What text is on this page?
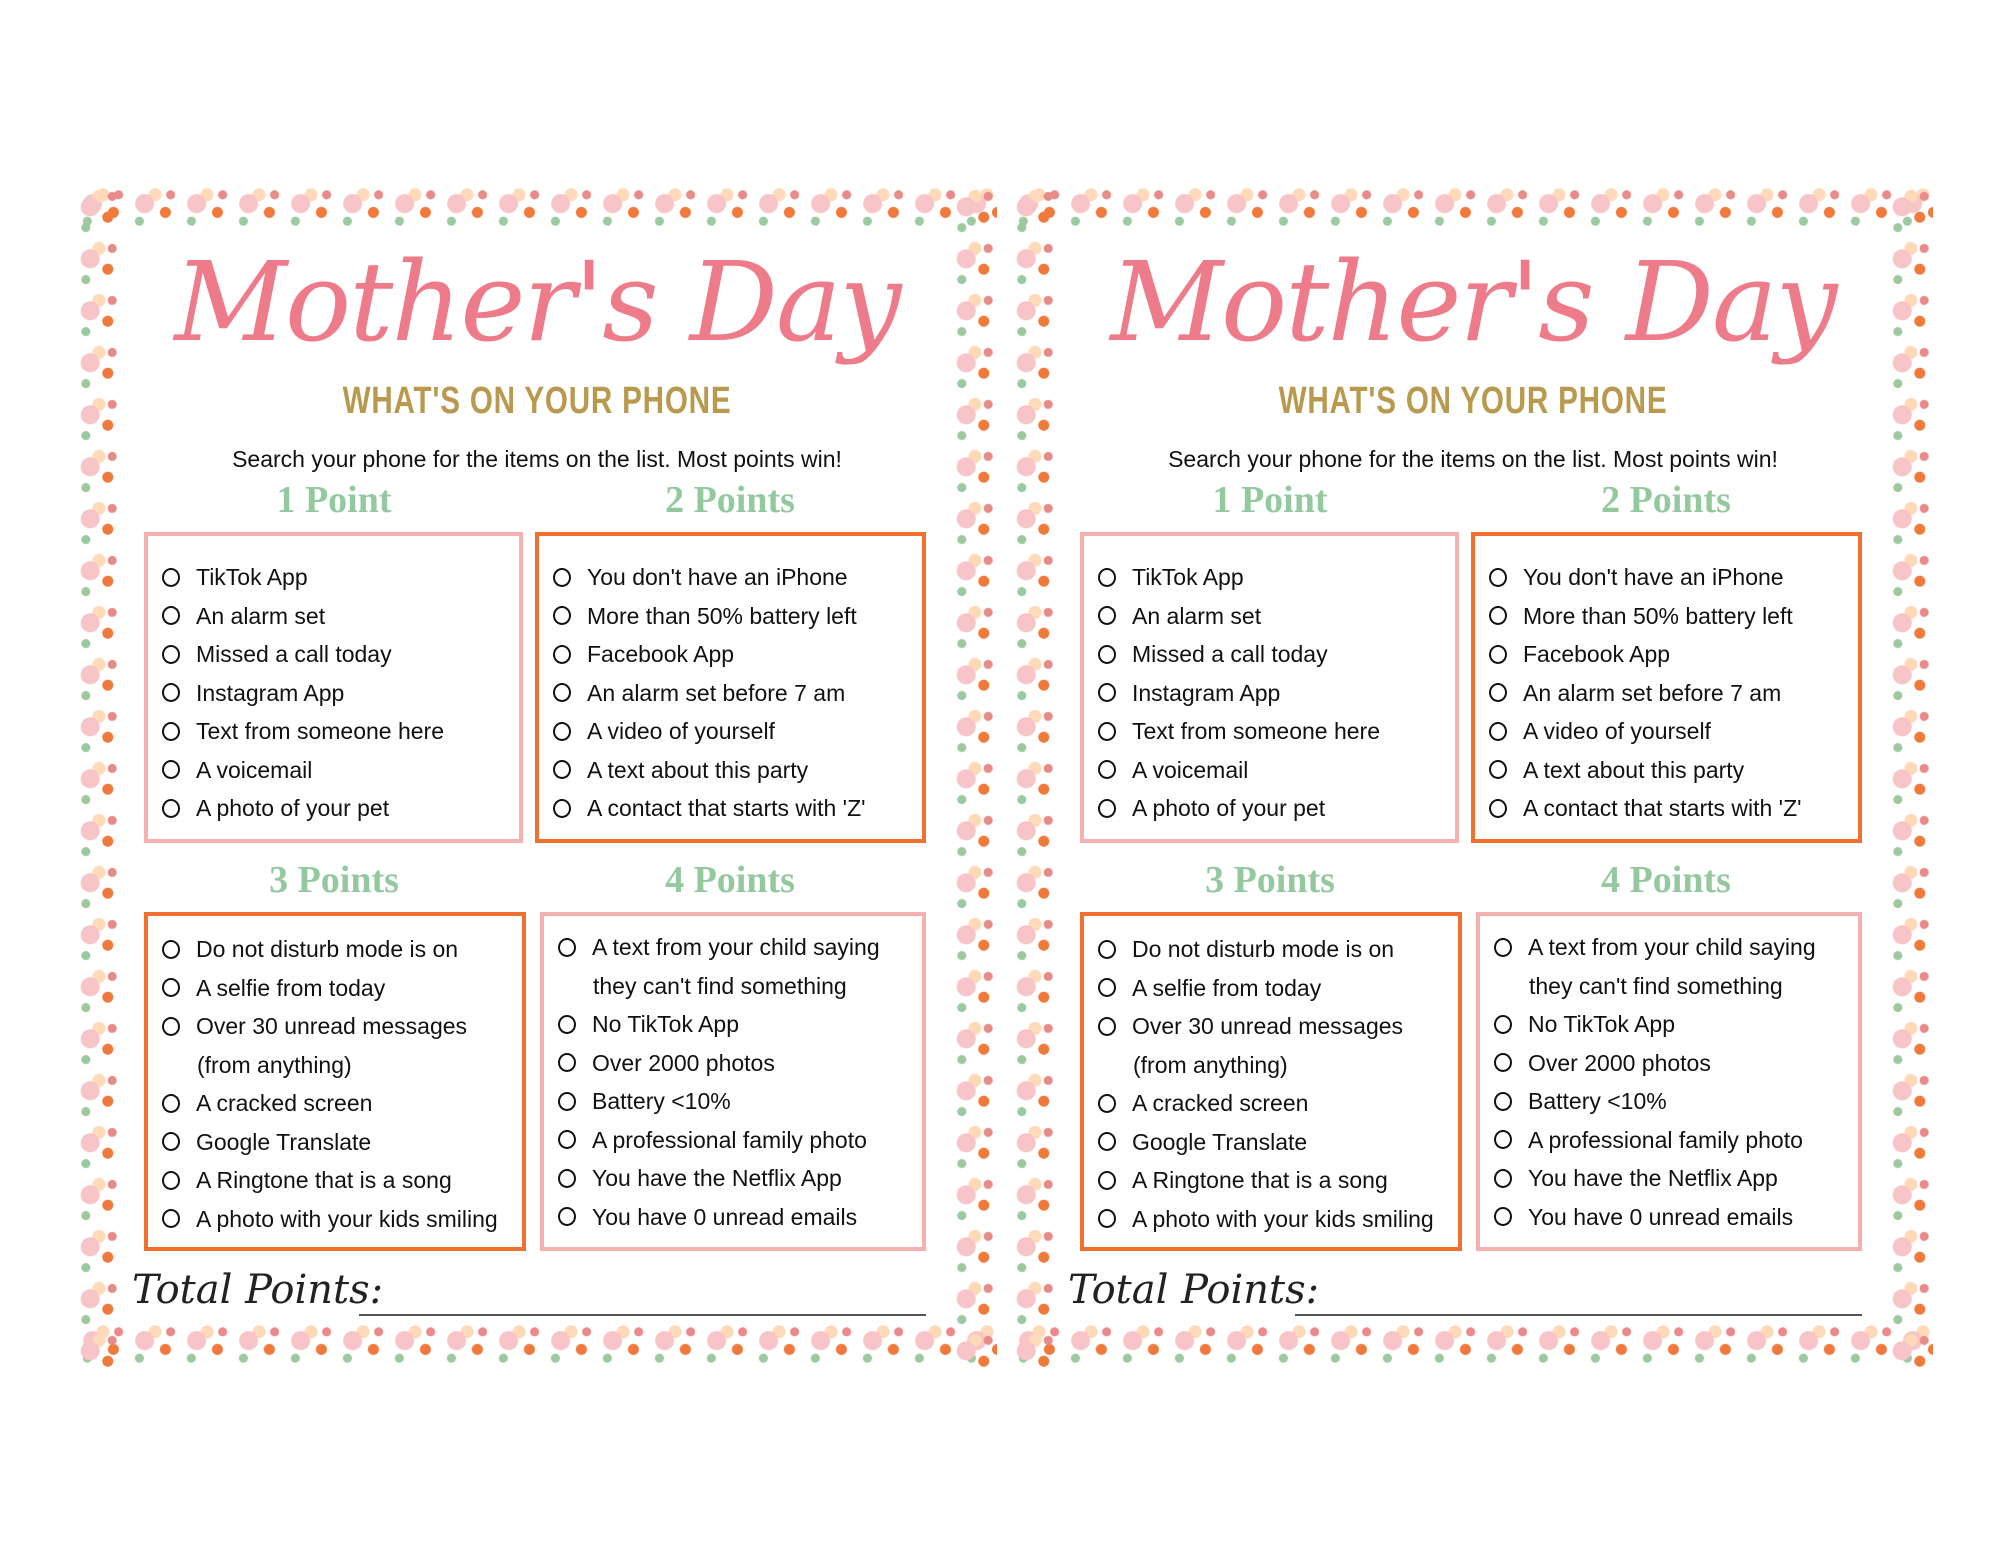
Mother's Day
WHAT'S ON YOUR PHONE
Search your phone for the items on the list. Most points win!
1 Point	2 Points
3 Points	4 Points
TikTok App
An alarm set
Missed a call today
Instagram App
Text from someone here
A voicemail
A photo of your pet
You don't have an iPhone
More than 50% battery left
Facebook App
An alarm set before 7 am
A video of yourself
A text about this party
A contact that starts with 'Z'
Do not disturb mode is on
A selfie from today
Over 30 unread messages
(from anything)
A cracked screen
Google Translate
A Ringtone that is a song
A photo with your kids smiling
A text from your child saying
they can't find something
No TikTok App
Over 2000 photos
Battery <10%
A professional family photo
You have the Netflix App
You have 0 unread emails
Total Points:
Mother's Day
WHAT'S ON YOUR PHONE
Search your phone for the items on the list. Most points win!
1 Point	2 Points
3 Points	4 Points
TikTok App
An alarm set
Missed a call today
Instagram App
Text from someone here
A voicemail
A photo of your pet
You don't have an iPhone
More than 50% battery left
Facebook App
An alarm set before 7 am
A video of yourself
A text about this party
A contact that starts with 'Z'
Do not disturb mode is on
A selfie from today
Over 30 unread messages
(from anything)
A cracked screen
Google Translate
A Ringtone that is a song
A photo with your kids smiling
A text from your child saying
they can't find something
No TikTok App
Over 2000 photos
Battery <10%
A professional family photo
You have the Netflix App
You have 0 unread emails
Total Points:
